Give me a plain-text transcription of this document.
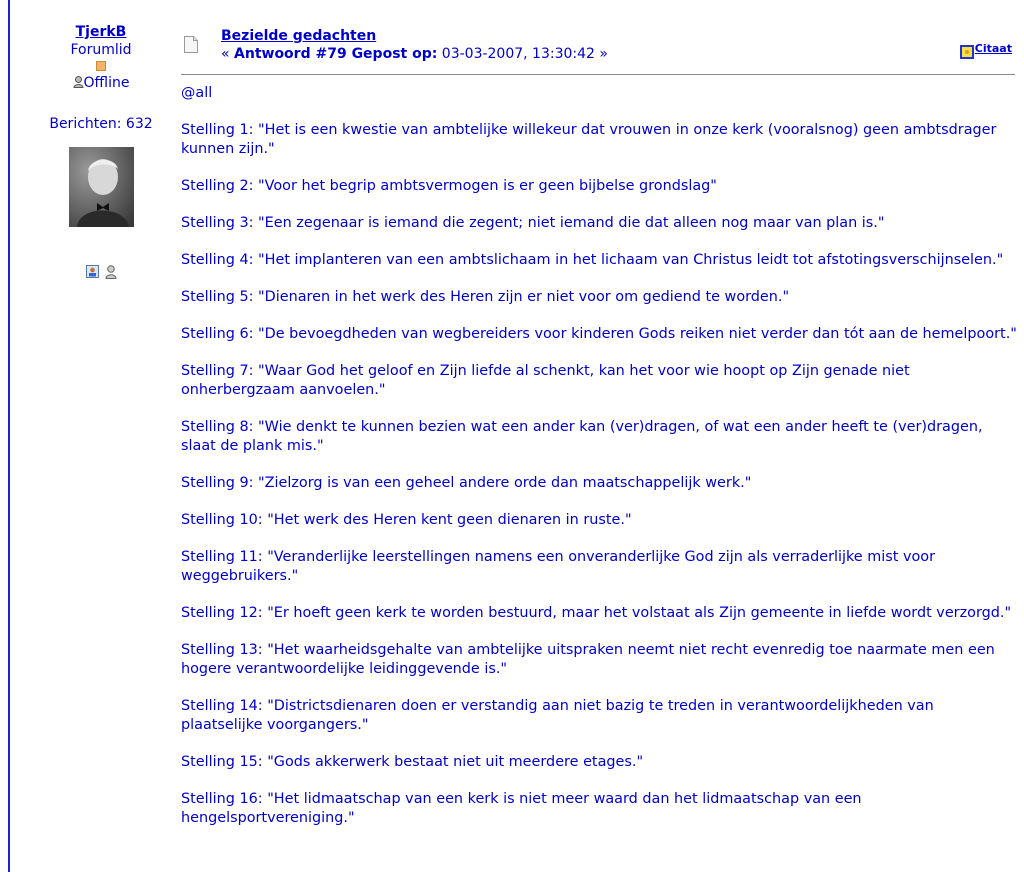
TjerkB
Forumlid
Offline
Berichten: 632
Bezielde gedachten
« Antwoord #79 Gepost op: 03-03-2007, 13:30:42 »	Citaat

@all

Stelling 1: "Het is een kwestie van ambtelijke willekeur dat vrouwen in onze kerk (vooralsnog) geen ambtsdrager kunnen zijn."

Stelling 2: "Voor het begrip ambtsvermogen is er geen bijbelse grondslag"

Stelling 3: "Een zegenaar is iemand die zegent; niet iemand die dat alleen nog maar van plan is."

Stelling 4: "Het implanteren van een ambtslichaam in het lichaam van Christus leidt tot afstotingsverschijnselen."

Stelling 5: "Dienaren in het werk des Heren zijn er niet voor om gediend te worden."

Stelling 6: "De bevoegdheden van wegbereiders voor kinderen Gods reiken niet verder dan tót aan de hemelpoort."

Stelling 7: "Waar God het geloof en Zijn liefde al schenkt, kan het voor wie hoopt op Zijn genade niet onherbergzaam aanvoelen."

Stelling 8: "Wie denkt te kunnen bezien wat een ander kan (ver)dragen, of wat een ander heeft te (ver)dragen, slaat de plank mis."

Stelling 9: "Zielzorg is van een geheel andere orde dan maatschappelijk werk."

Stelling 10: "Het werk des Heren kent geen dienaren in ruste."

Stelling 11: "Veranderlijke leerstellingen namens een onveranderlijke God zijn als verraderlijke mist voor weggebruikers."

Stelling 12: "Er hoeft geen kerk te worden bestuurd, maar het volstaat als Zijn gemeente in liefde wordt verzorgd."

Stelling 13: "Het waarheidsgehalte van ambtelijke uitspraken neemt niet recht evenredig toe naarmate men een hogere verantwoordelijke leidinggevende is."

Stelling 14: "Districtsdienaren doen er verstandig aan niet bazig te treden in verantwoordelijkheden van plaatselijke voorgangers."

Stelling 15: "Gods akkerwerk bestaat niet uit meerdere etages."

Stelling 16: "Het lidmaatschap van een kerk is niet meer waard dan het lidmaatschap van een hengelsportvereniging."
